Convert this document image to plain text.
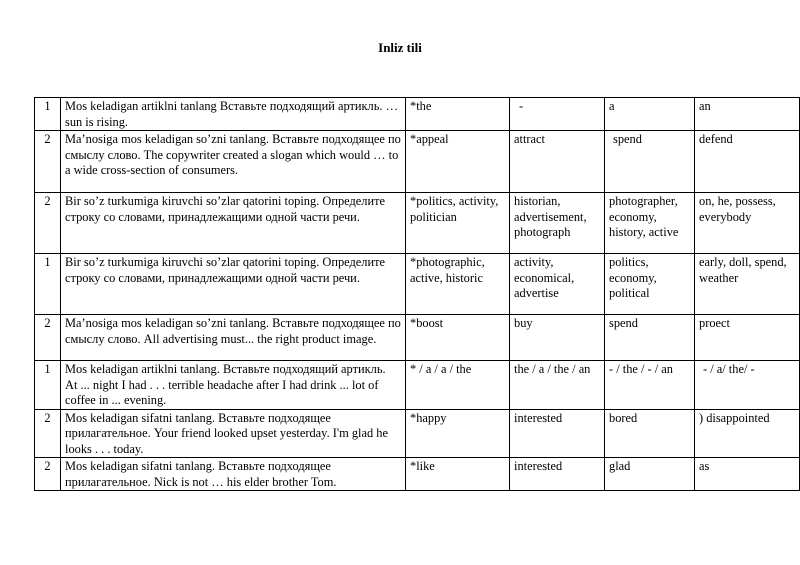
Inliz tili
1	Mos keladigan artiklni tanlang Вставьте подходящий артикль. … sun is rising.	*the	-	a	an
2	Ma’nosiga mos keladigan so’zni tanlang. Вставьте подходящее по смыслу слово. The copywriter created a slogan which would … to a wide cross-section of consumers.	*appeal	attract	spend	defend
2	Bir so’z turkumiga kiruvchi so’zlar qatorini toping. Определите строку со словами, принадлежащими одной части речи.	*politics, activity, politician	historian, advertisement, photograph	photographer, economy, history, active	on, he, possess, everybody
1	Bir so’z turkumiga kiruvchi so’zlar qatorini toping. Определите строку со словами, принадлежащими одной части речи.	*photographic, active, historic	activity, economical, advertise	politics, economy, political	early, doll, spend, weather
2	Ma’nosiga mos keladigan so’zni tanlang. Вставьте подходящее по смыслу слово. All advertising must... the right product image.	*boost	buy	spend	proect
1	Mos keladigan artiklni tanlang. Вставьте подходящий артикль. At ... night I had . . . terrible headache after I had drink ... lot of coffee in ... evening.	* / a / a / the	the / a / the / an	- / the / - / an	- / a/ the/ -
2	Mos keladigan sifatni tanlang. Вставьте подходящее прилагательное. Your friend looked upset yesterday. I'm glad he looks . . . today.	*happy	interested	bored	) disappointed
2	Mos keladigan sifatni tanlang. Вставьте подходящее прилагательное. Nick is not … his elder brother Tom.	*like	interested	glad	as
